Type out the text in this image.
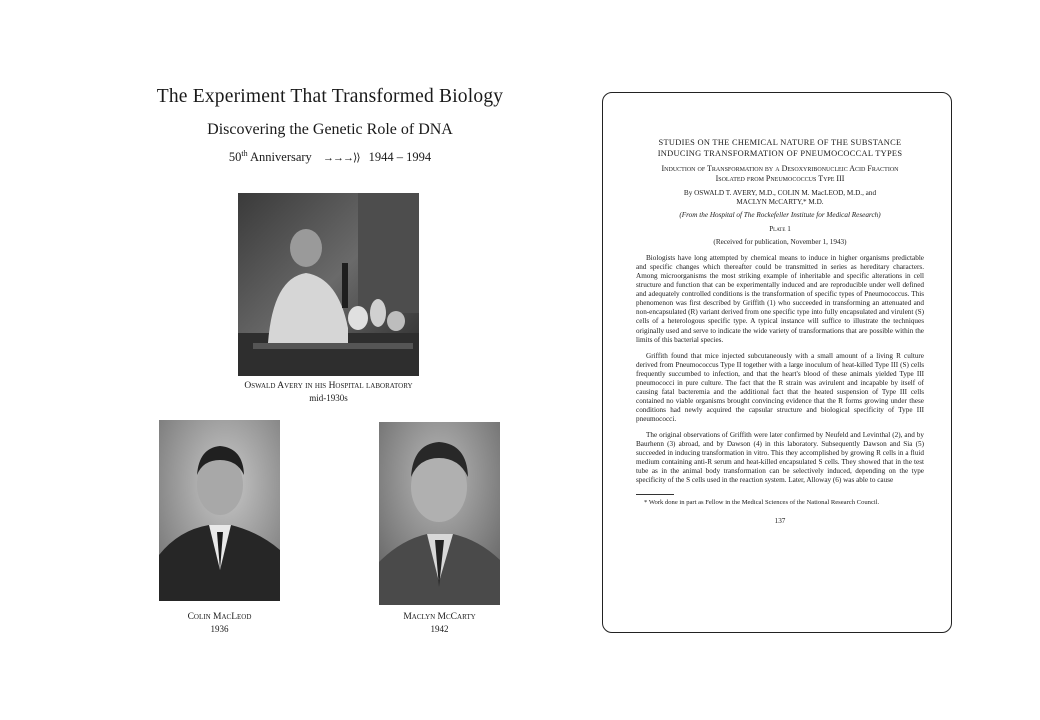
The Experiment That Transformed Biology
Discovering the Genetic Role of DNA
50th Anniversary →→→⟩⟩ 1944 – 1994
Oswald Avery in his Hospital laboratory
mid-1930s
Colin MacLeod
1936
Maclyn McCarty
1942
STUDIES ON THE CHEMICAL NATURE OF THE SUBSTANCE
INDUCING TRANSFORMATION OF PNEUMOCOCCAL TYPES
Induction of Transformation by a Desoxyribonucleic Acid Fraction
Isolated from Pneumococcus Type III
By OSWALD T. AVERY, M.D., COLIN M. MacLEOD, M.D., and
MACLYN McCARTY,* M.D.
(From the Hospital of The Rockefeller Institute for Medical Research)
Plate 1
(Received for publication, November 1, 1943)

Biologists have long attempted by chemical means to induce in higher organisms predictable and specific changes which thereafter could be transmitted in series as hereditary characters. Among microorganisms the most striking example of inheritable and specific alterations in cell structure and function that can be experimentally induced and are reproducible under well defined and adequately controlled conditions is the transformation of specific types of Pneumococcus. This phenomenon was first described by Griffith (1) who succeeded in transforming an attenuated and non-encapsulated (R) variant derived from one specific type into fully encapsulated and virulent (S) cells of a heterologous specific type. A typical instance will suffice to illustrate the techniques originally used and serve to indicate the wide variety of transformations that are possible within the limits of this bacterial species.

Griffith found that mice injected subcutaneously with a small amount of a living R culture derived from Pneumococcus Type II together with a large inoculum of heat-killed Type III (S) cells frequently succumbed to infection, and that the heart's blood of these animals yielded Type III pneumococci in pure culture. The fact that the R strain was avirulent and incapable by itself of causing fatal bacteremia and the additional fact that the heated suspension of Type III cells contained no viable organisms brought convincing evidence that the R forms growing under these conditions had newly acquired the capsular structure and biological specificity of Type III pneumococci.

The original observations of Griffith were later confirmed by Neufeld and Levinthal (2), and by Baurhenn (3) abroad, and by Dawson (4) in this laboratory. Subsequently Dawson and Sia (5) succeeded in inducing transformation in vitro. This they accomplished by growing R cells in a fluid medium containing anti-R serum and heat-killed encapsulated S cells. They showed that in the test tube as in the animal body transformation can be selectively induced, depending on the type specificity of the S cells used in the reaction system. Later, Alloway (6) was able to cause

* Work done in part as Fellow in the Medical Sciences of the National Research Council.
137
